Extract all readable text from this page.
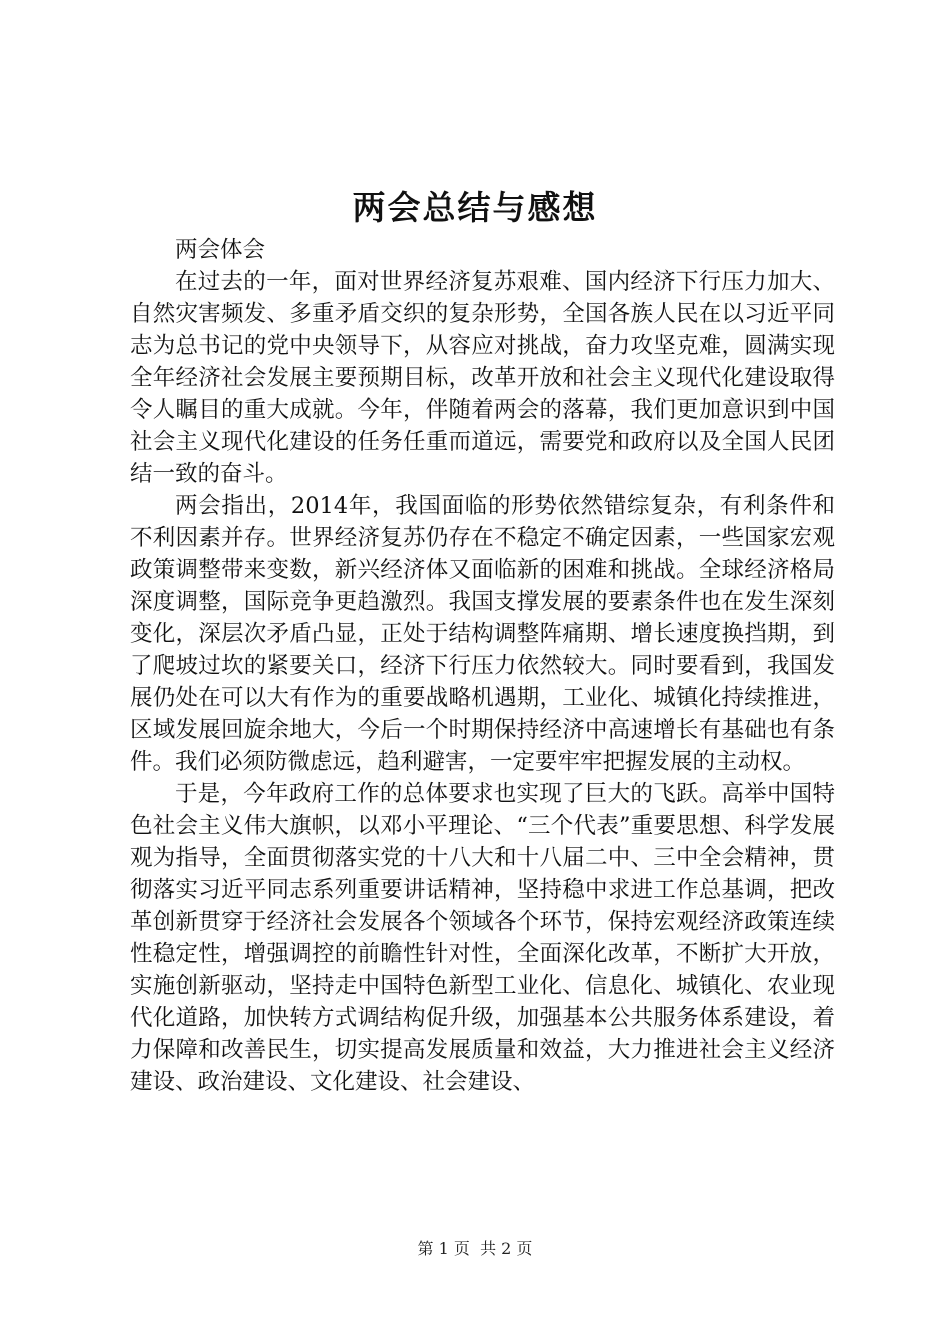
两会总结与感想

两会体会

在过去的一年，面对世界经济复苏艰难、国内经济下行压力加大、自然灾害频发、多重矛盾交织的复杂形势，全国各族人民在以习近平同志为总书记的党中央领导下，从容应对挑战，奋力攻坚克难，圆满实现全年经济社会发展主要预期目标，改革开放和社会主义现代化建设取得令人瞩目的重大成就。今年，伴随着两会的落幕，我们更加意识到中国社会主义现代化建设的任务任重而道远，需要党和政府以及全国人民团结一致的奋斗。

两会指出，2014年，我国面临的形势依然错综复杂，有利条件和不利因素并存。世界经济复苏仍存在不稳定不确定因素，一些国家宏观政策调整带来变数，新兴经济体又面临新的困难和挑战。全球经济格局深度调整，国际竞争更趋激烈。我国支撑发展的要素条件也在发生深刻变化，深层次矛盾凸显，正处于结构调整阵痛期、增长速度换挡期，到了爬坡过坎的紧要关口，经济下行压力依然较大。同时要看到，我国发展仍处在可以大有作为的重要战略机遇期，工业化、城镇化持续推进，区域发展回旋余地大，今后一个时期保持经济中高速增长有基础也有条件。我们必须防微虑远，趋利避害，一定要牢牢把握发展的主动权。

于是，今年政府工作的总体要求也实现了巨大的飞跃。高举中国特色社会主义伟大旗帜，以邓小平理论、“三个代表”重要思想、科学发展观为指导，全面贯彻落实党的十八大和十八届二中、三中全会精神，贯彻落实习近平同志系列重要讲话精神，坚持稳中求进工作总基调，把改革创新贯穿于经济社会发展各个领域各个环节，保持宏观经济政策连续性稳定性，增强调控的前瞻性针对性，全面深化改革，不断扩大开放，实施创新驱动，坚持走中国特色新型工业化、信息化、城镇化、农业现代化道路，加快转方式调结构促升级，加强基本公共服务体系建设，着力保障和改善民生，切实提高发展质量和效益，大力推进社会主义经济建设、政治建设、文化建设、社会建设、

第 1 页  共 2 页
